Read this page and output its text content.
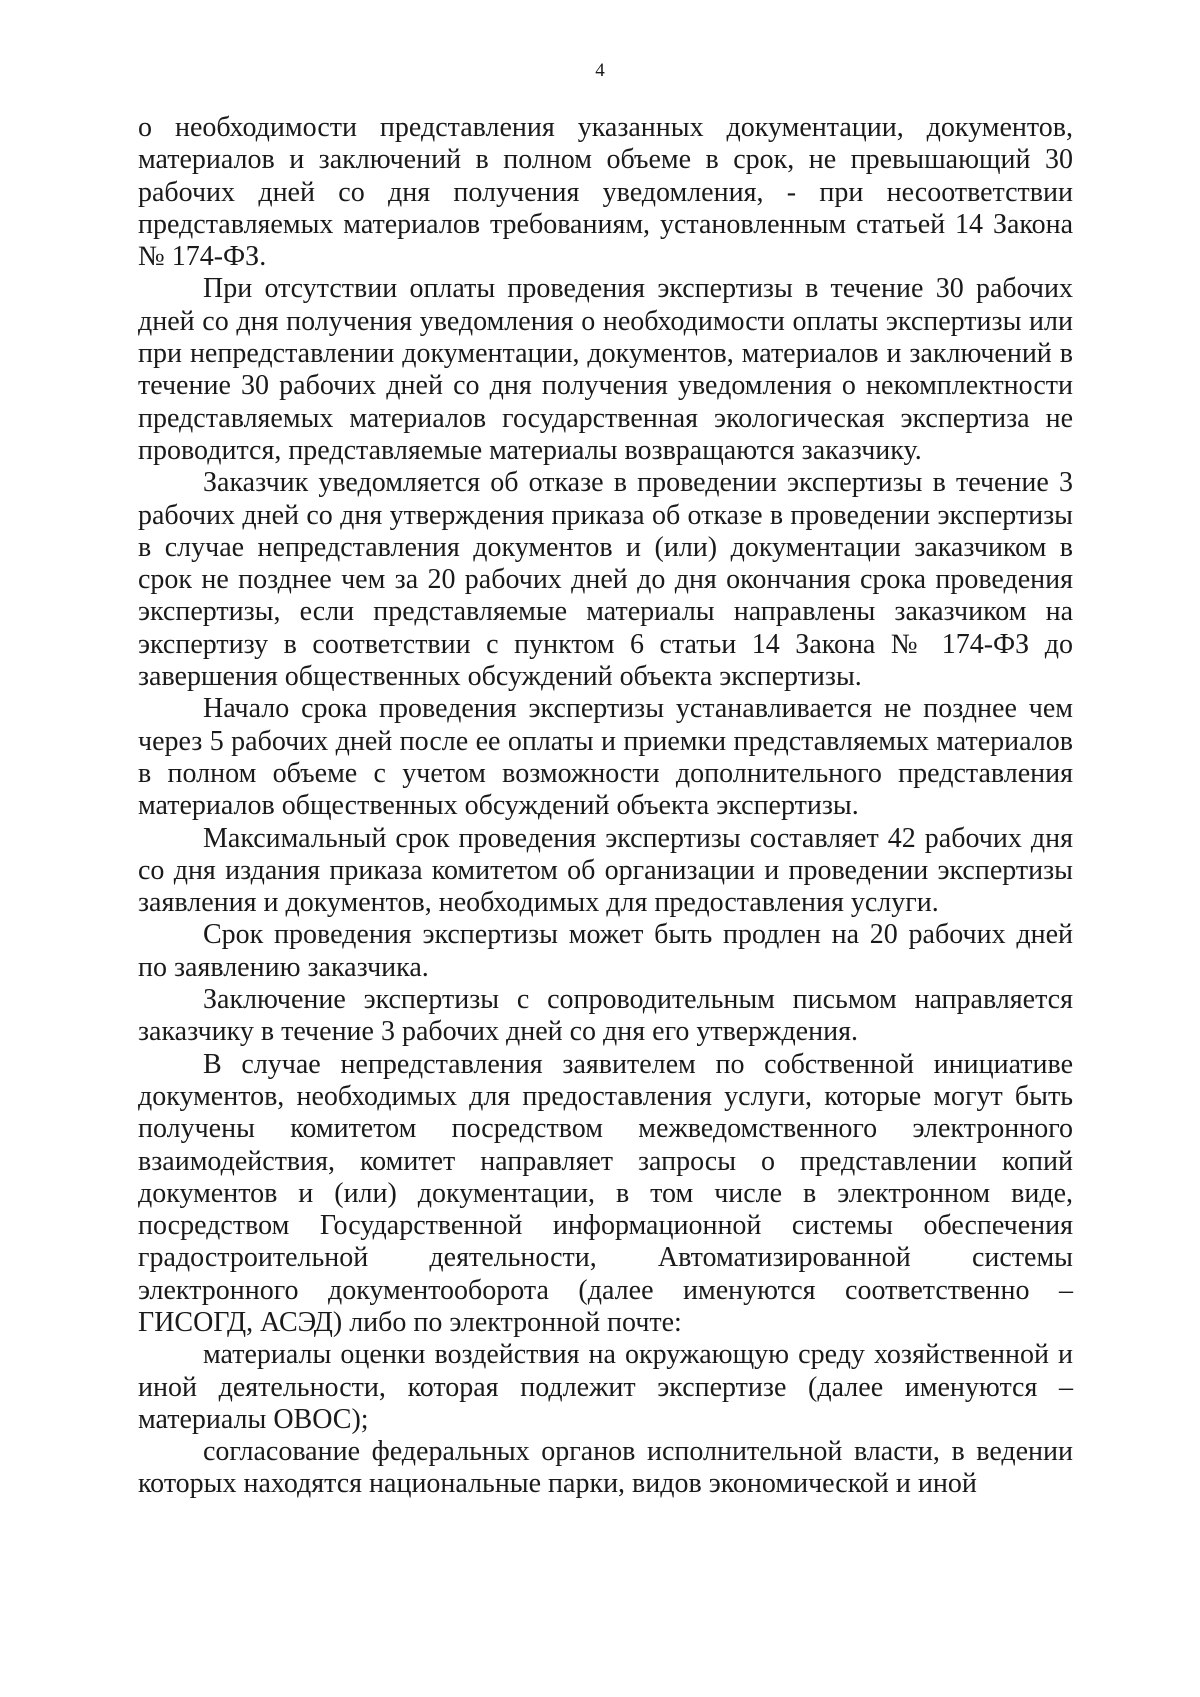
4

о необходимости представления указанных документации, документов, материалов и заключений в полном объеме в срок, не превышающий 30 рабочих дней со дня получения уведомления, - при несоответствии представляемых материалов требованиям, установленным статьей 14 Закона № 174-ФЗ.

При отсутствии оплаты проведения экспертизы в течение 30 рабочих дней со дня получения уведомления о необходимости оплаты экспертизы или при непредставлении документации, документов, материалов и заключений в течение 30 рабочих дней со дня получения уведомления о некомплектности представляемых материалов государственная экологическая экспертиза не проводится, представляемые материалы возвращаются заказчику.

Заказчик уведомляется об отказе в проведении экспертизы в течение 3 рабочих дней со дня утверждения приказа об отказе в проведении экспертизы в случае непредставления документов и (или) документации заказчиком в срок не позднее чем за 20 рабочих дней до дня окончания срока проведения экспертизы, если представляемые материалы направлены заказчиком на экспертизу в соответствии с пунктом 6 статьи 14 Закона № 174-ФЗ до завершения общественных обсуждений объекта экспертизы.

Начало срока проведения экспертизы устанавливается не позднее чем через 5 рабочих дней после ее оплаты и приемки представляемых материалов в полном объеме с учетом возможности дополнительного представления материалов общественных обсуждений объекта экспертизы.

Максимальный срок проведения экспертизы составляет 42 рабочих дня со дня издания приказа комитетом об организации и проведении экспертизы заявления и документов, необходимых для предоставления услуги.

Срок проведения экспертизы может быть продлен на 20 рабочих дней по заявлению заказчика.

Заключение экспертизы с сопроводительным письмом направляется заказчику в течение 3 рабочих дней со дня его утверждения.

В случае непредставления заявителем по собственной инициативе документов, необходимых для предоставления услуги, которые могут быть получены комитетом посредством межведомственного электронного взаимодействия, комитет направляет запросы о представлении копий документов и (или) документации, в том числе в электронном виде, посредством Государственной информационной системы обеспечения градостроительной деятельности, Автоматизированной системы электронного документооборота (далее именуются соответственно – ГИСОГД, АСЭД) либо по электронной почте:

материалы оценки воздействия на окружающую среду хозяйственной и иной деятельности, которая подлежит экспертизе (далее именуются – материалы ОВОС);

согласование федеральных органов исполнительной власти, в ведении которых находятся национальные парки, видов экономической и иной
